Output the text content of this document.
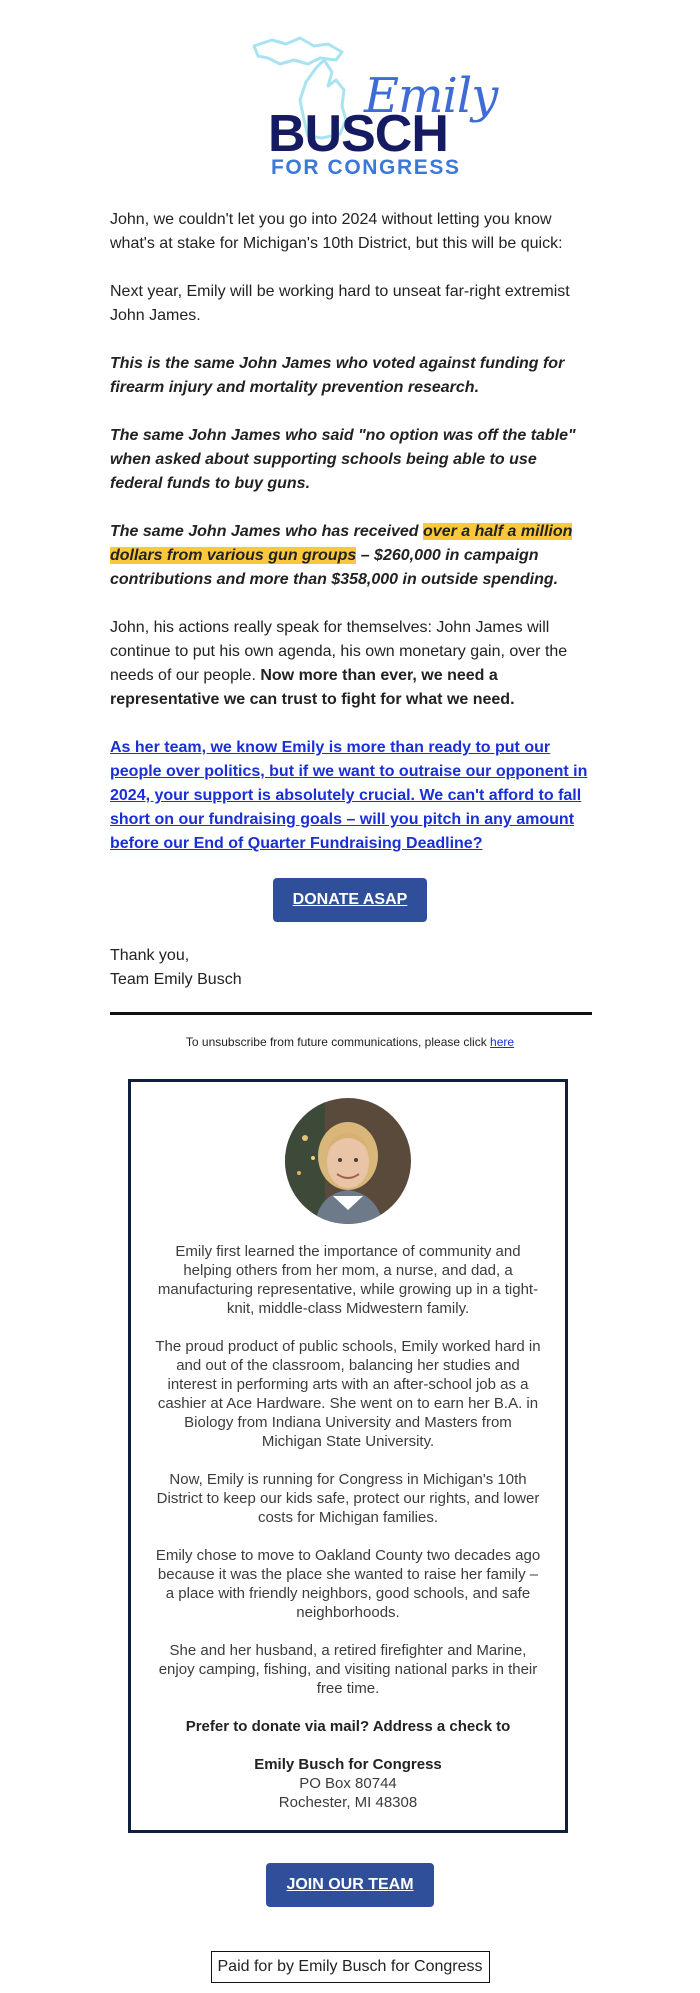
Emily
BUSCH
FOR CONGRESS

John, we couldn't let you go into 2024 without letting you know what's at stake for Michigan's 10th District, but this will be quick:

Next year, Emily will be working hard to unseat far-right extremist John James.

This is the same John James who voted against funding for firearm injury and mortality prevention research.

The same John James who said "no option was off the table" when asked about supporting schools being able to use federal funds to buy guns.

The same John James who has received over a half a million dollars from various gun groups – $260,000 in campaign contributions and more than $358,000 in outside spending.

John, his actions really speak for themselves: John James will continue to put his own agenda, his own monetary gain, over the needs of our people. Now more than ever, we need a representative we can trust to fight for what we need.

As her team, we know Emily is more than ready to put our people over politics, but if we want to outraise our opponent in 2024, your support is absolutely crucial. We can't afford to fall short on our fundraising goals – will you pitch in any amount before our End of Quarter Fundraising Deadline?

DONATE ASAP
Thank you,
Team Emily Busch
To unsubscribe from future communications, please click here

Emily first learned the importance of community and helping others from her mom, a nurse, and dad, a manufacturing representative, while growing up in a tight-knit, middle-class Midwestern family.

The proud product of public schools, Emily worked hard in and out of the classroom, balancing her studies and interest in performing arts with an after-school job as a cashier at Ace Hardware. She went on to earn her B.A. in Biology from Indiana University and Masters from Michigan State University.

Now, Emily is running for Congress in Michigan's 10th District to keep our kids safe, protect our rights, and lower costs for Michigan families.

Emily chose to move to Oakland County two decades ago because it was the place she wanted to raise her family – a place with friendly neighbors, good schools, and safe neighborhoods.

She and her husband, a retired firefighter and Marine, enjoy camping, fishing, and visiting national parks in their free time.

Prefer to donate via mail? Address a check to

Emily Busch for Congress

PO Box 80744

Rochester, MI 48308

JOIN OUR TEAM
Paid for by Emily Busch for Congress
